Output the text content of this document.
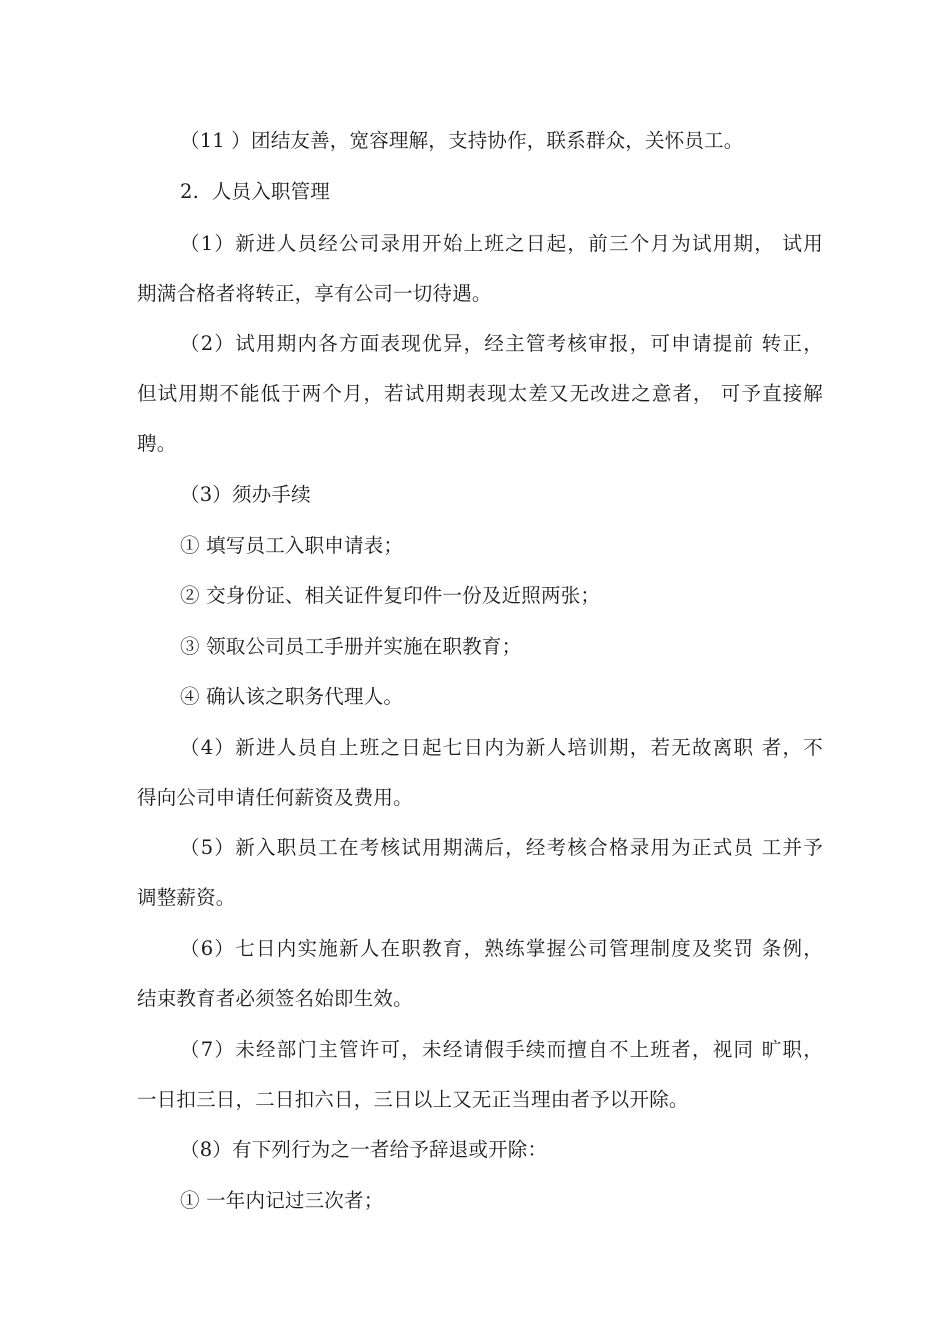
（11 ）团结友善，宽容理解，支持协作，联系群众，关怀员工。
2.  人员入职管理
（1）新进人员经公司录用开始上班之日起，前三个月为试用期， 试用
期满合格者将转正，享有公司一切待遇。
（2）试用期内各方面表现优异，经主管考核审报，可申请提前 转正，
但试用期不能低于两个月，若试用期表现太差又无改进之意者， 可予直接解
聘。
（3）须办手续
① 填写员工入职申请表；
② 交身份证、相关证件复印件一份及近照两张；
③ 领取公司员工手册并实施在职教育；
④ 确认该之职务代理人。
（4）新进人员自上班之日起七日内为新人培训期，若无故离职 者，不
得向公司申请任何薪资及费用。
（5）新入职员工在考核试用期满后，经考核合格录用为正式员 工并予
调整薪资。
（6）七日内实施新人在职教育，熟练掌握公司管理制度及奖罚 条例，
结束教育者必须签名始即生效。
（7）未经部门主管许可，未经请假手续而擅自不上班者，视同 旷职，
一日扣三日，二日扣六日，三日以上又无正当理由者予以开除。
（8）有下列行为之一者给予辞退或开除：
① 一年内记过三次者；
